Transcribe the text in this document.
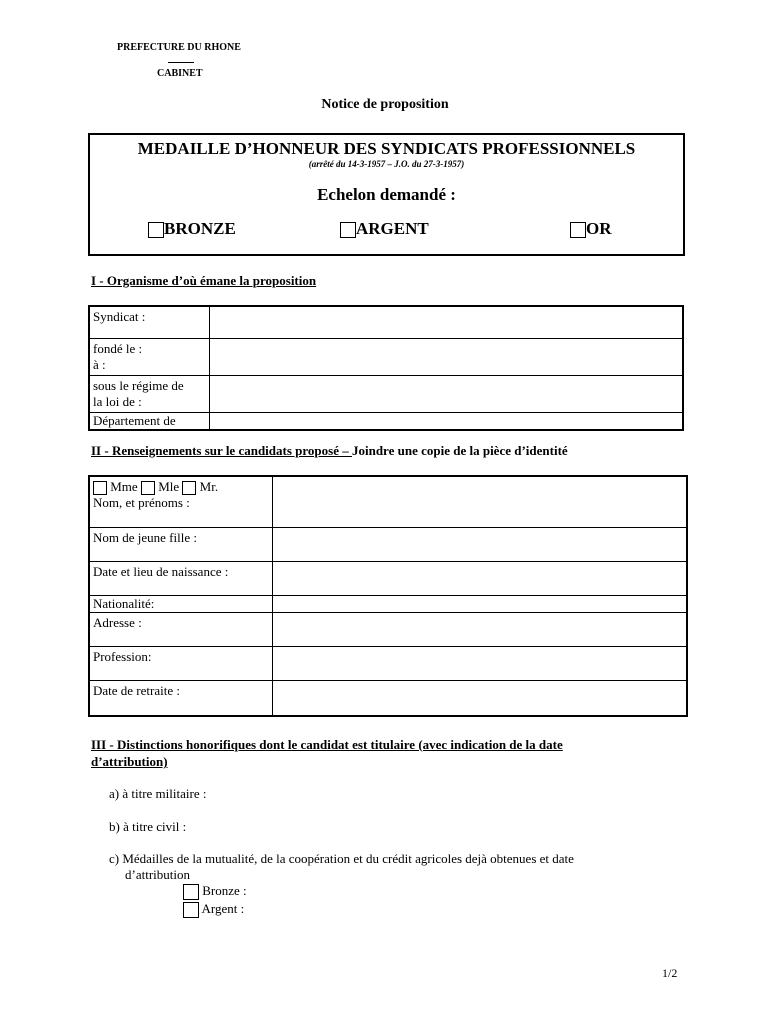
PREFECTURE DU RHONE
CABINET
Notice de proposition
MEDAILLE D’HONNEUR DES SYNDICATS PROFESSIONNELS
(arrêté du 14-3-1957 – J.O. du 27-3-1957)
Echelon demandé :
BRONZE	ARGENT	OR
I - Organisme d’où émane la proposition
Syndicat :	

fondé le :
à :	

sous le régime de
la loi de :	

Département de	
II - Renseignements sur le candidats proposé – Joindre une copie de la pièce d’identité
Mme Mle Mr.
Nom, et prénoms :	

Nom de jeune fille :	
Date et lieu de naissance :	
Nationalité:	
Adresse :	
Profession:	
Date de retraite :	
III - Distinctions honorifiques dont le candidat est titulaire (avec indication de la date
d’attribution)
a) à titre militaire :
b) à titre civil :
c) Médailles de la mutualité, de la coopération et du crédit agricoles dejà obtenues et date
d’attribution
Bronze :
Argent :
1/2
